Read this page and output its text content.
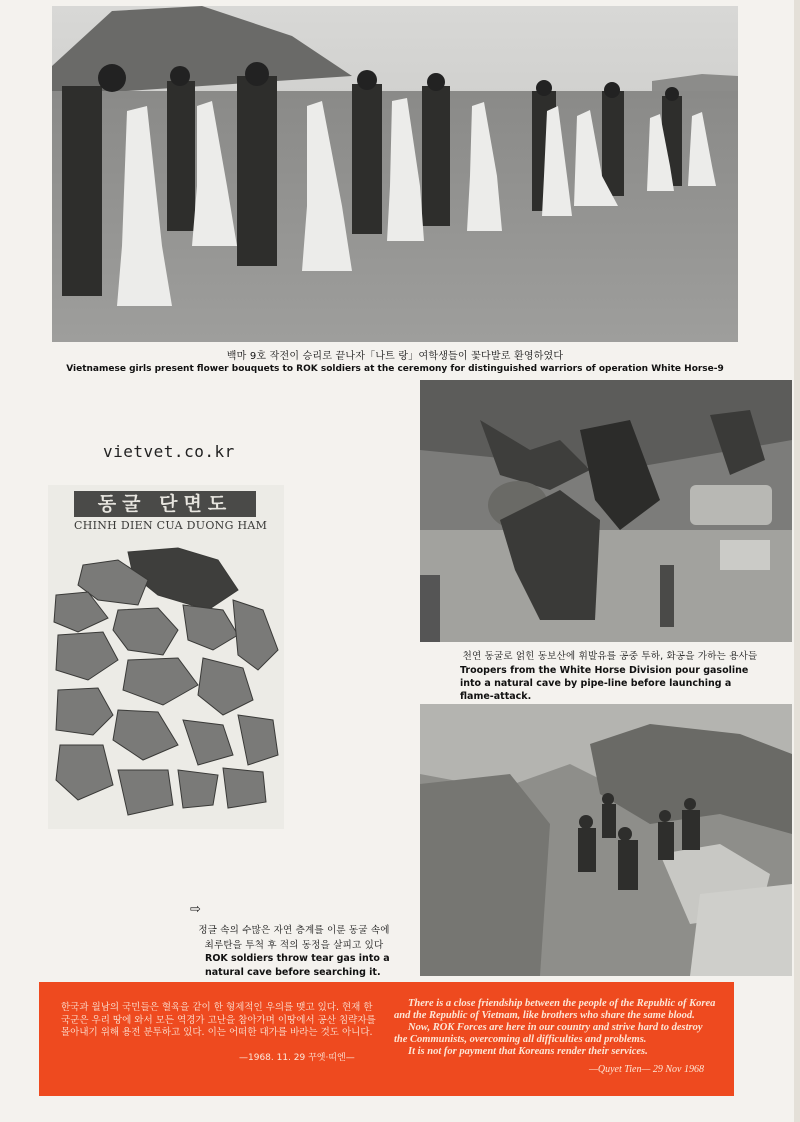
백마 9호 작전이 승리로 끝나자「나트 랑」여학생들이 꽃다발로 환영하였다
Vietnamese girls present flower bouquets to ROK soldiers at the ceremony for distinguished warriors of operation White Horse-9
vietvet.co.kr
천연 동굴로 얽힌 동보산에 휘발유를 공중 투하, 화공을 가하는 용사들
Troopers from the White Horse Division pour gasoline into a natural cave by pipe-line before launching a flame-attack.
동굴 단면도
CHINH DIEN CUA DUONG HAM
⇨
정글 속의 수많은 자연 층계를 이룬 동굴 속에
최루탄을 투척 후 적의 동정을 살피고 있다
ROK soldiers throw tear gas into a
natural cave before searching it.
한국과 월남의 국민들은 혈육을 같이 한 형제적인 우의를 맺고 있다. 현재 한국군은 우리 땅에 와서 모든 역경가 고난을 참아가며 이땅에서 공산 침략자를 몰아내기 위해 용전 분투하고 있다. 이는 어떠한 대가를 바라는 것도 아니다.
—1968. 11. 29 꾸엣·띠엔—

There is a close friendship between the people of the Republic of Korea and the Republic of Vietnam, like brothers who share the same blood.

Now, ROK Forces are here in our country and strive hard to destroy the Communists, overcoming all difficulties and problems.

It is not for payment that Koreans render their services.

—Quyet Tien— 29 Nov 1968
